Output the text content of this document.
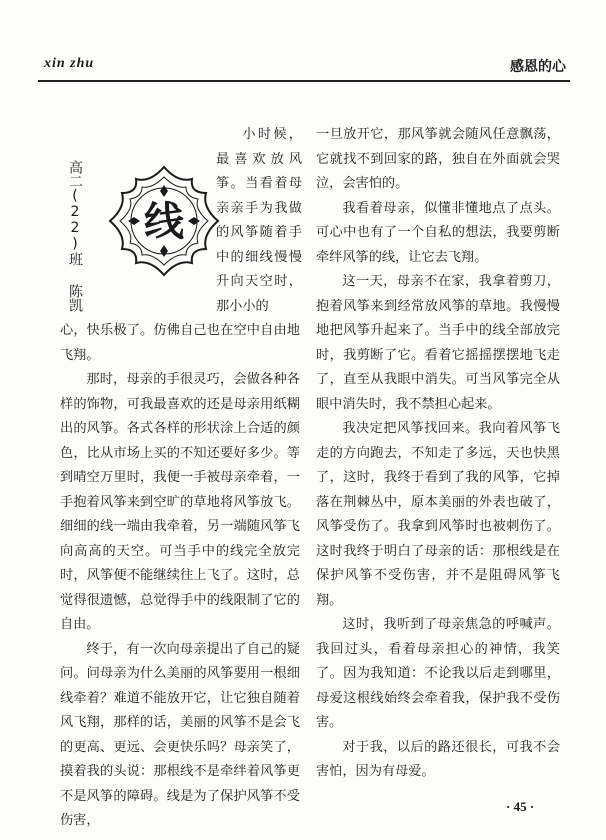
xin zhu	感恩的心
高二(22)班陈凯
线

小时候，最喜欢放风筝。当看着母亲亲手为我做的风筝随着手中的细线慢慢升向天空时，那小小的

心，快乐极了。仿佛自己也在空中自由地飞翔。

那时，母亲的手很灵巧，会做各种各样的饰物，可我最喜欢的还是母亲用纸糊出的风筝。各式各样的形状涂上合适的颜色，比从市场上买的不知还要好多少。等到晴空万里时，我便一手被母亲牵着，一手抱着风筝来到空旷的草地将风筝放飞。细细的线一端由我牵着，另一端随风筝飞向高高的天空。可当手中的线完全放完时，风筝便不能继续往上飞了。这时，总觉得很遗憾，总觉得手中的线限制了它的自由。

终于，有一次向母亲提出了自己的疑问。问母亲为什么美丽的风筝要用一根细线牵着？难道不能放开它，让它独自随着风飞翔，那样的话，美丽的风筝不是会飞的更高、更远、会更快乐吗？母亲笑了，摸着我的头说：那根线不是牵绊着风筝更不是风筝的障碍。线是为了保护风筝不受伤害，

一旦放开它，那风筝就会随风任意飘荡，它就找不到回家的路，独自在外面就会哭泣，会害怕的。

我看着母亲，似懂非懂地点了点头。可心中也有了一个自私的想法，我要剪断牵绊风筝的线，让它去飞翔。

这一天，母亲不在家，我拿着剪刀，抱着风筝来到经常放风筝的草地。我慢慢地把风筝升起来了。当手中的线全部放完时，我剪断了它。看着它摇摇摆摆地飞走了，直至从我眼中消失。可当风筝完全从眼中消失时，我不禁担心起来。

我决定把风筝找回来。我向着风筝飞走的方向跑去，不知走了多远，天也快黑了，这时，我终于看到了我的风筝，它掉落在荆棘丛中，原本美丽的外表也破了，风筝受伤了。我拿到风筝时也被刺伤了。这时我终于明白了母亲的话：那根线是在保护风筝不受伤害，并不是阻碍风筝飞翔。

这时，我听到了母亲焦急的呼喊声。我回过头，看着母亲担心的神情，我笑了。因为我知道：不论我以后走到哪里，母爱这根线始终会牵着我，保护我不受伤害。

对于我，以后的路还很长，可我不会害怕，因为有母爱。

· 45 ·
